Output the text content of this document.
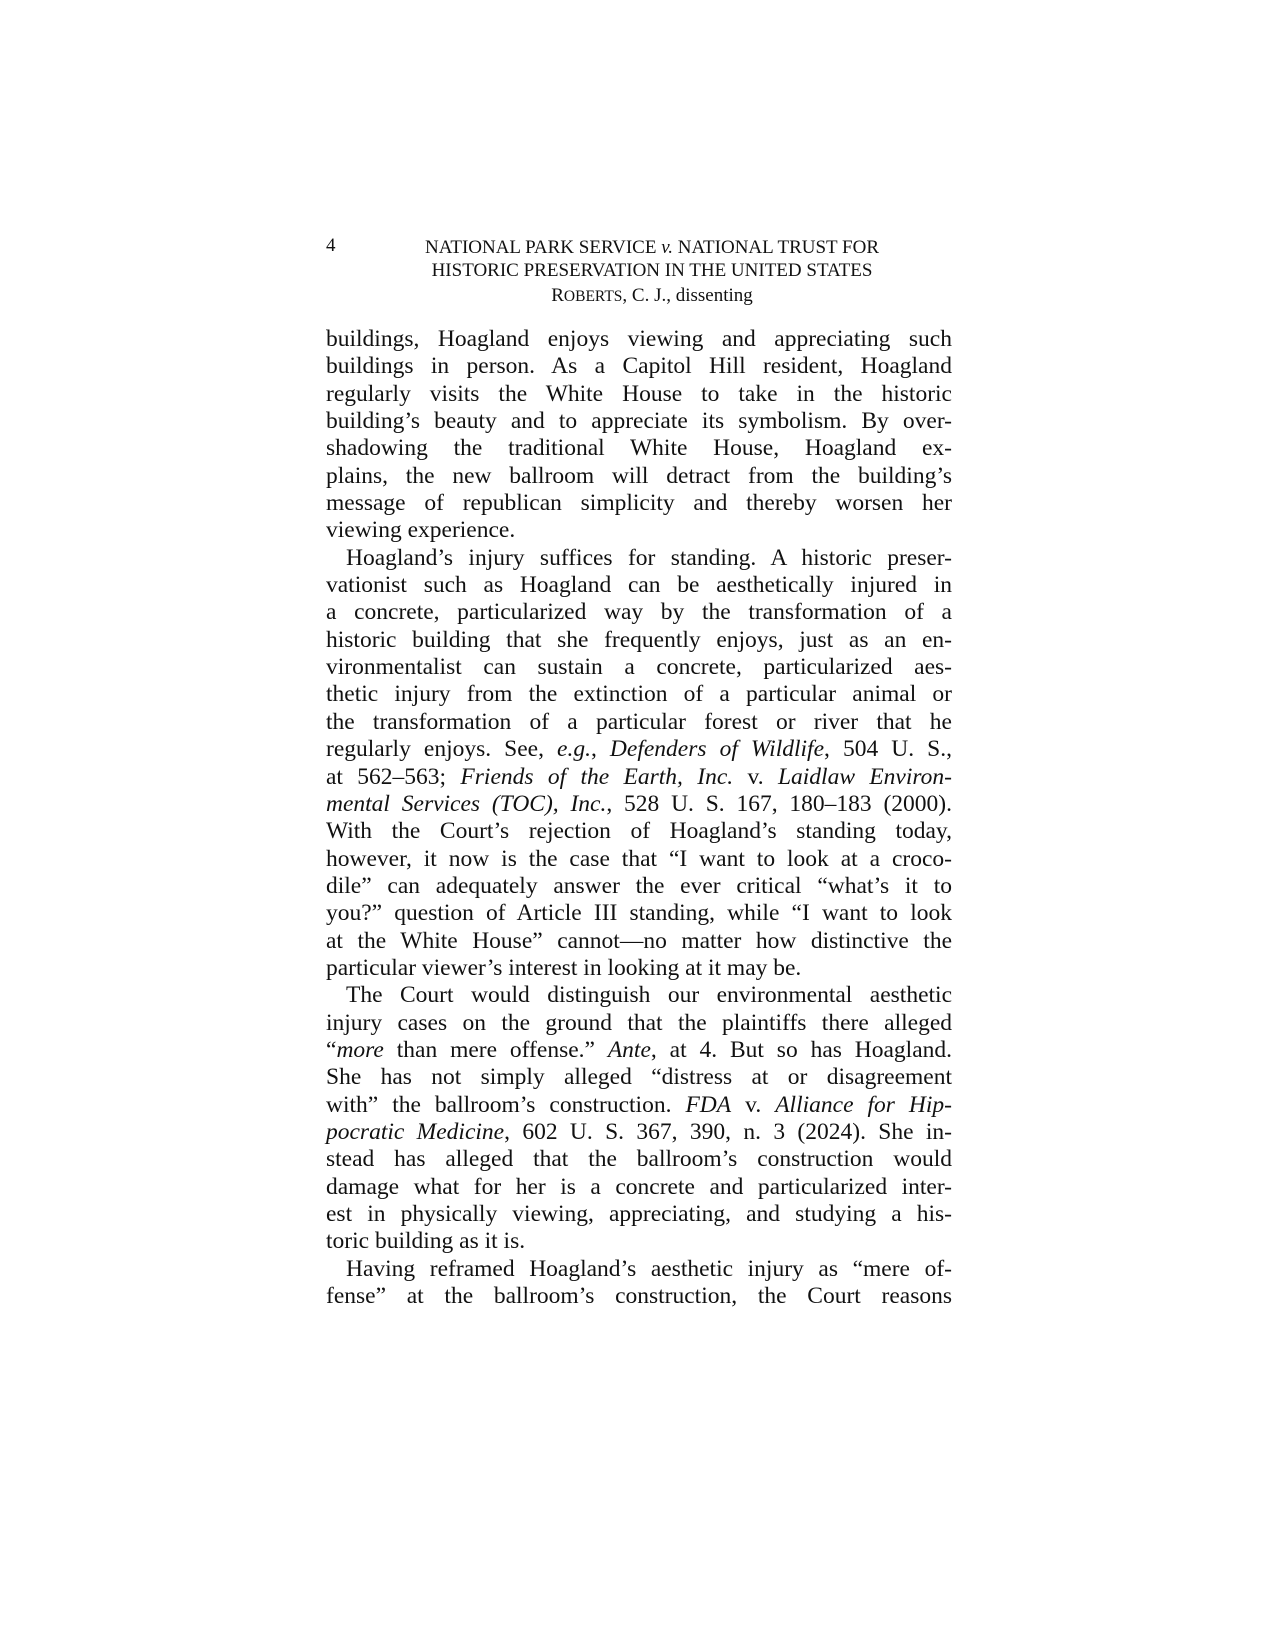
4	NATIONAL PARK SERVICE v. NATIONAL TRUST FOR
HISTORIC PRESERVATION IN THE UNITED STATES
ROBERTS, C. J., dissenting
buildings, Hoagland enjoys viewing and appreciating such
buildings in person. As a Capitol Hill resident, Hoagland
regularly visits the White House to take in the historic
building’s beauty and to appreciate its symbolism. By over-
shadowing the traditional White House, Hoagland ex-
plains, the new ballroom will detract from the building’s
message of republican simplicity and thereby worsen her
viewing experience.
Hoagland’s injury suffices for standing. A historic preser-
vationist such as Hoagland can be aesthetically injured in
a concrete, particularized way by the transformation of a
historic building that she frequently enjoys, just as an en-
vironmentalist can sustain a concrete, particularized aes-
thetic injury from the extinction of a particular animal or
the transformation of a particular forest or river that he
regularly enjoys. See, e.g., Defenders of Wildlife, 504 U. S.,
at 562–563; Friends of the Earth, Inc. v. Laidlaw Environ-
mental Services (TOC), Inc., 528 U. S. 167, 180–183 (2000).
With the Court’s rejection of Hoagland’s standing today,
however, it now is the case that “I want to look at a croco-
dile” can adequately answer the ever critical “what’s it to
you?” question of Article III standing, while “I want to look
at the White House” cannot—no matter how distinctive the
particular viewer’s interest in looking at it may be.
The Court would distinguish our environmental aesthetic
injury cases on the ground that the plaintiffs there alleged
“more than mere offense.” Ante, at 4. But so has Hoagland.
She has not simply alleged “distress at or disagreement
with” the ballroom’s construction. FDA v. Alliance for Hip-
pocratic Medicine, 602 U. S. 367, 390, n. 3 (2024). She in-
stead has alleged that the ballroom’s construction would
damage what for her is a concrete and particularized inter-
est in physically viewing, appreciating, and studying a his-
toric building as it is.
Having reframed Hoagland’s aesthetic injury as “mere of-
fense” at the ballroom’s construction, the Court reasons
